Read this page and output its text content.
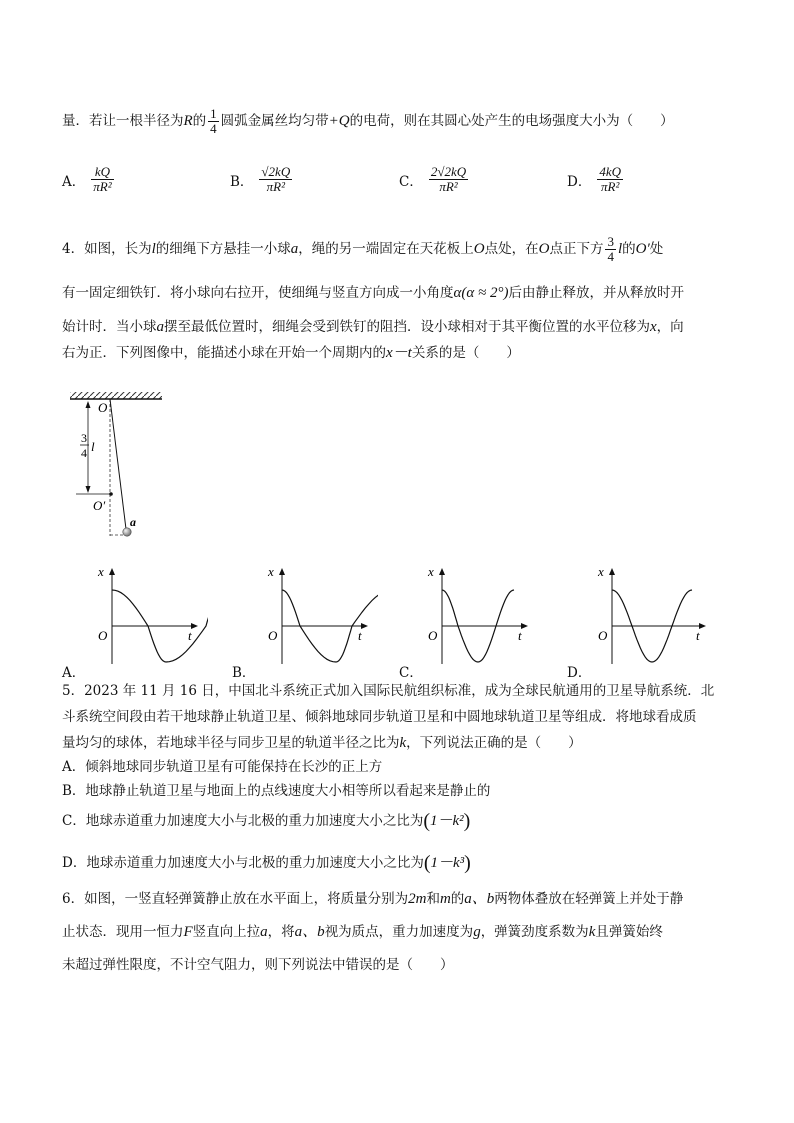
量．若让一根半径为R的 $\frac{1}{4}$ 圆弧金属丝均匀带+Q的电荷，则在其圆心处产生的电场强度大小为（　　）
A． $\frac{kQ}{\text{πR²}}$	B． $\frac{√2kQ}{\text{πR²}}$	C． $\frac{2√2kQ}{\text{πR²}}$	D． $\frac{4kQ}{\text{πR²}}$
4．如图，长为l的细绳下方悬挂一小球a，绳的另一端固定在天花板上O点处，在O点正下方 $\frac{3}{4}$ l的O′处
有一固定细铁钉．将小球向右拉开，使细绳与竖直方向成一小角度α(α ≈ 2°)后由静止释放，并从释放时开
始计时．当小球a摆至最低位置时，细绳会受到铁钉的阻挡．设小球相对于其平衡位置的水平位移为x，向
右为正．下列图像中，能描述小球在开始一个周期内的x－t关系的是（　　）
O
O′
3
4 l
a
x
t
O
x
t
O
x
t
O
x
t
O
A．	B．	C．	D．
5．2023 年 11 月 16 日，中国北斗系统正式加入国际民航组织标准，成为全球民航通用的卫星导航系统．北
斗系统空间段由若干地球静止轨道卫星、倾斜地球同步轨道卫星和中圆地球轨道卫星等组成．将地球看成质
量均匀的球体，若地球半径与同步卫星的轨道半径之比为k，下列说法正确的是（　　）
A．倾斜地球同步轨道卫星有可能保持在长沙的正上方
B．地球静止轨道卫星与地面上的点线速度大小相等所以看起来是静止的
C．地球赤道重力加速度大小与北极的重力加速度大小之比为(1－k²)
D．地球赤道重力加速度大小与北极的重力加速度大小之比为(1－k³)
6．如图，一竖直轻弹簧静止放在水平面上，将质量分别为2m和m的a、b两物体叠放在轻弹簧上并处于静
止状态．现用一恒力F竖直向上拉a，将a、b视为质点，重力加速度为g，弹簧劲度系数为k且弹簧始终
未超过弹性限度，不计空气阻力，则下列说法中错误的是（　　）
